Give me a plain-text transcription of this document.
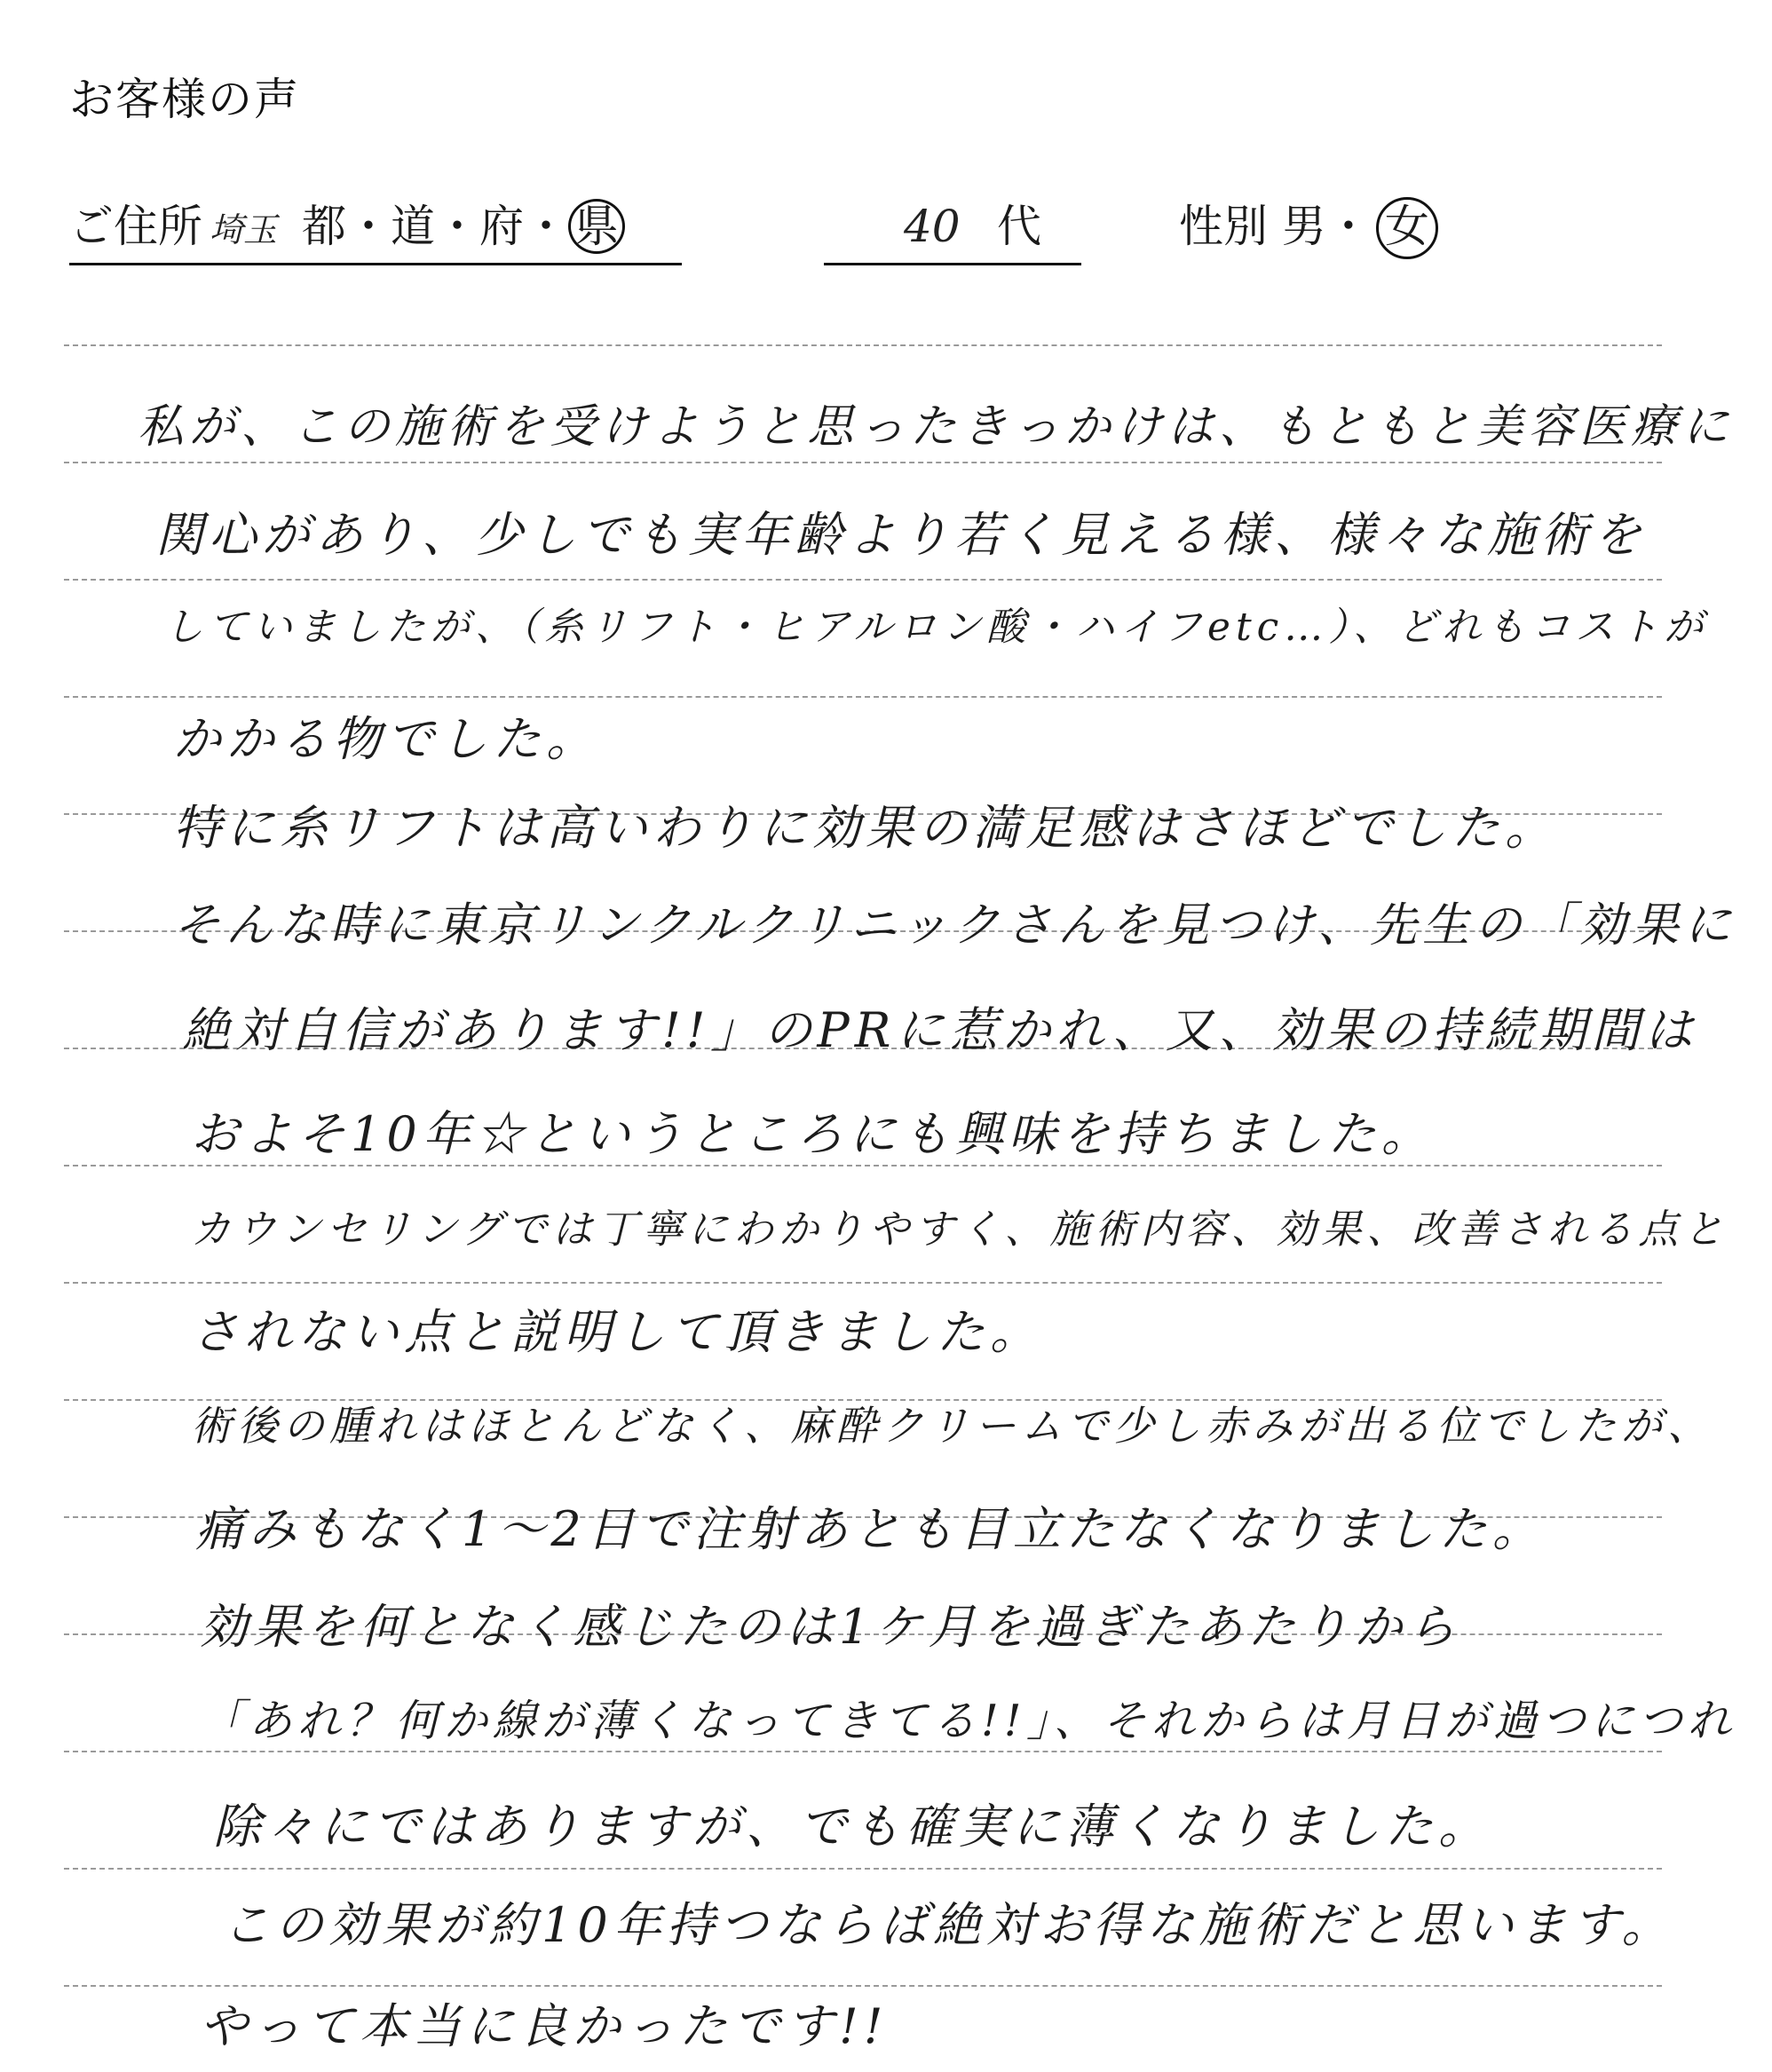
お客様の声
ご住所 埼玉 都・道・府・ 県	40 代	性別 男・ 女
私が、この施術を受けようと思ったきっかけは、もともと美容医療に
関心があり、少しでも実年齢より若く見える様、様々な施術を
していましたが、（糸リフト・ヒアルロン酸・ハイフetc…）、どれもコストが
かかる物でした。
特に糸リフトは高いわりに効果の満足感はさほどでした。
そんな時に東京リンクルクリニックさんを見つけ、先生の「効果に
絶対自信があります!!」のPRに惹かれ、又、効果の持続期間は
およそ10年☆というところにも興味を持ちました。
カウンセリングでは丁寧にわかりやすく、施術内容、効果、改善される点と
されない点と説明して頂きました。
術後の腫れはほとんどなく、麻酔クリームで少し赤みが出る位でしたが、
痛みもなく1〜2日で注射あとも目立たなくなりました。
効果を何となく感じたのは1ケ月を過ぎたあたりから
「あれ？何か線が薄くなってきてる!!」、それからは月日が過つにつれ
除々にではありますが、でも確実に薄くなりました。
この効果が約10年持つならば絶対お得な施術だと思います。
やって本当に良かったです!!
